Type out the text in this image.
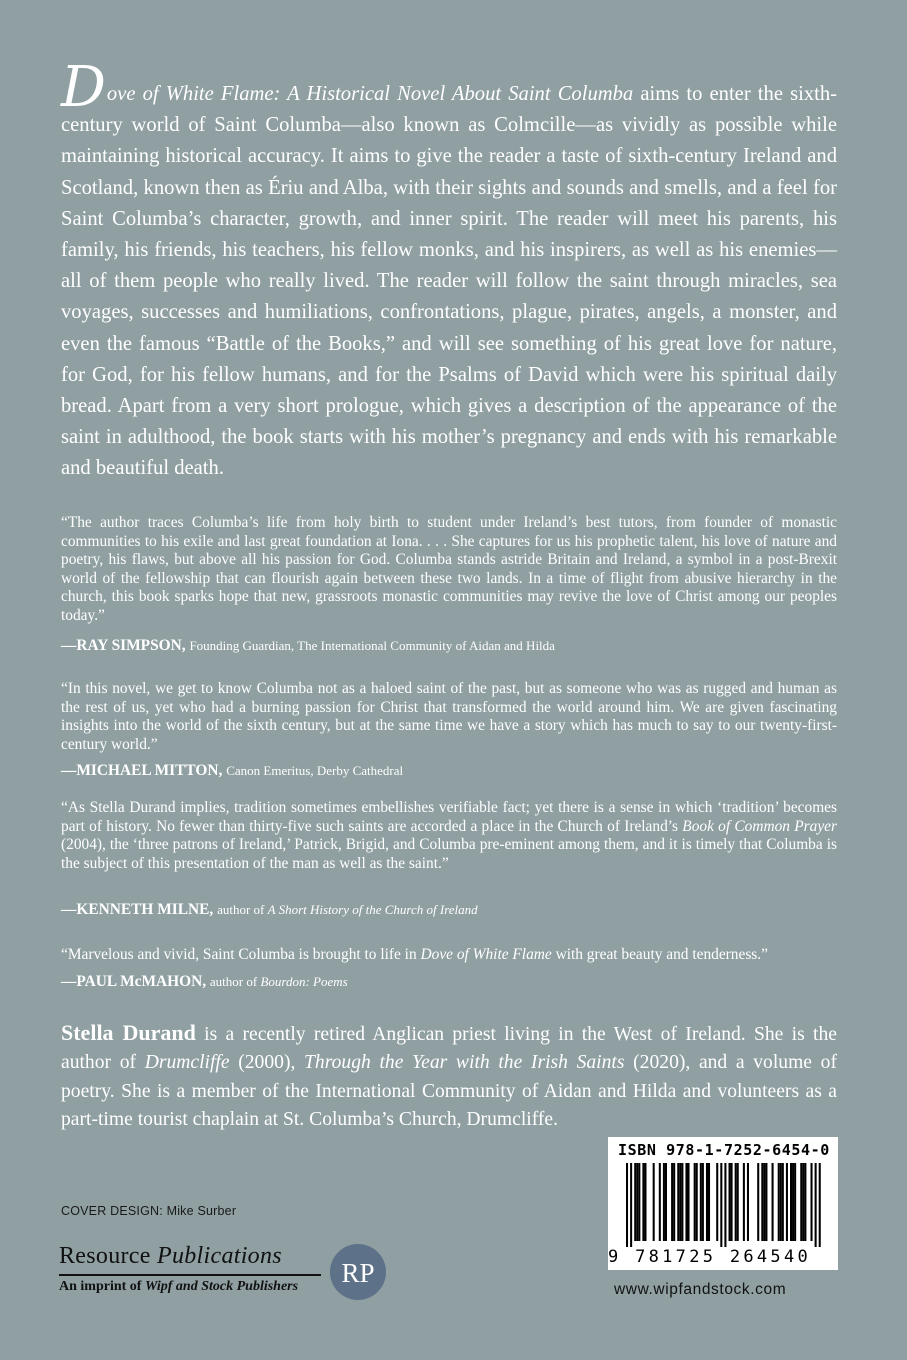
Dove of White Flame: A Historical Novel About Saint Columba aims to enter the sixth-century world of Saint Columba—also known as Colmcille—as vividly as possible while maintaining historical accuracy. It aims to give the reader a taste of sixth-century Ireland and Scotland, known then as Ériu and Alba, with their sights and sounds and smells, and a feel for Saint Columba’s character, growth, and inner spirit. The reader will meet his parents, his family, his friends, his teachers, his fellow monks, and his inspirers, as well as his enemies—all of them people who really lived. The reader will follow the saint through miracles, sea voyages, successes and humiliations, confrontations, plague, pirates, angels, a monster, and even the famous “Battle of the Books,” and will see something of his great love for nature, for God, for his fellow humans, and for the Psalms of David which were his spiritual daily bread. Apart from a very short prologue, which gives a description of the appearance of the saint in adulthood, the book starts with his mother’s pregnancy and ends with his remarkable and beautiful death.

“The author traces Columba’s life from holy birth to student under Ireland’s best tutors, from founder of monastic communities to his exile and last great foundation at Iona. . . . She captures for us his prophetic talent, his love of nature and poetry, his flaws, but above all his passion for God. Columba stands astride Britain and Ireland, a symbol in a post-Brexit world of the fellowship that can flourish again between these two lands. In a time of flight from abusive hierarchy in the church, this book sparks hope that new, grassroots monastic communities may revive the love of Christ among our peoples today.”

—RAY SIMPSON, Founding Guardian, The International Community of Aidan and Hilda

“In this novel, we get to know Columba not as a haloed saint of the past, but as someone who was as rugged and human as the rest of us, yet who had a burning passion for Christ that transformed the world around him. We are given fascinating insights into the world of the sixth century, but at the same time we have a story which has much to say to our twenty-first-century world.”

—MICHAEL MITTON, Canon Emeritus, Derby Cathedral

“As Stella Durand implies, tradition sometimes embellishes verifiable fact; yet there is a sense in which ‘tradition’ becomes part of history. No fewer than thirty-five such saints are accorded a place in the Church of Ireland’s Book of Common Prayer (2004), the ‘three patrons of Ireland,’ Patrick, Brigid, and Columba pre-eminent among them, and it is timely that Columba is the subject of this presentation of the man as well as the saint.”

—KENNETH MILNE, author of A Short History of the Church of Ireland

“Marvelous and vivid, Saint Columba is brought to life in Dove of White Flame with great beauty and tenderness.”

—PAUL McMAHON, author of Bourdon: Poems

Stella Durand is a recently retired Anglican priest living in the West of Ireland. She is the author of Drumcliffe (2000), Through the Year with the Irish Saints (2020), and a volume of poetry. She is a member of the International Community of Aidan and Hilda and volunteers as a part-time tourist chaplain at St. Columba’s Church, Drumcliffe.

COVER DESIGN: Mike Surber
Resource Publications
An imprint of Wipf and Stock Publishers RP
ISBN 978-1-7252-6454-0
9 781725 264540
www.wipfandstock.com
